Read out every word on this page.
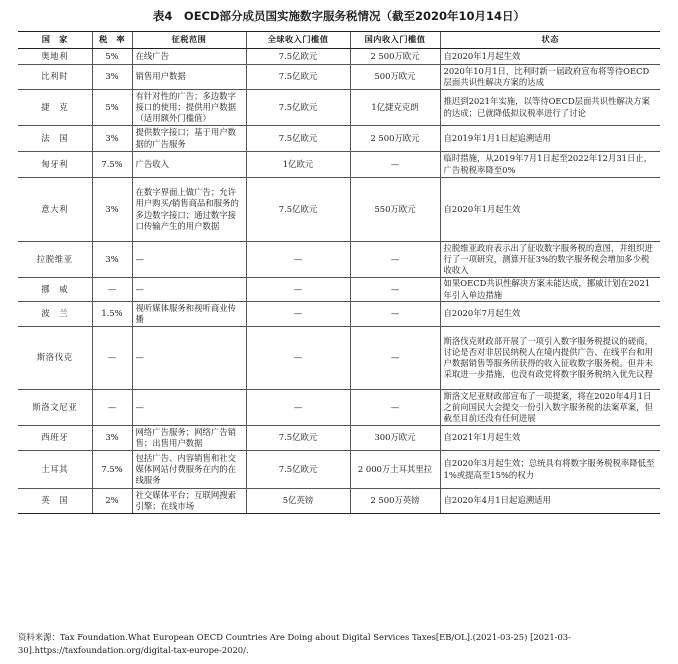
表4　OECD部分成员国实施数字服务税情况（截至2020年10月14日）
国　家	税　率	征税范围	全球收入门槛值	国内收入门槛值	状态
奥地利	5%	在线广告	7.5亿欧元	2 500万欧元	自2020年1月起生效
比利时	3%	销售用户数据	7.5亿欧元	500万欧元	2020年10月1日，比利时新一届政府宣布将等待OECD层面共识性解决方案的达成
捷　克	5%	有针对性的广告；多边数字接口的使用；提供用户数据（适用额外门槛值）	7.5亿欧元	1亿捷克克朗	推迟到2021年实施，以等待OECD层面共识性解决方案的达成；已就降低拟议税率进行了讨论
法　国	3%	提供数字接口；基于用户数据的广告服务	7.5亿欧元	2 500万欧元	自2019年1月1日起追溯适用
匈牙利	7.5%	广告收入	1亿欧元	—	临时措施，从2019年7月1日起至2022年12月31日止，广告税税率降至0%
意大利	3%	在数字界面上做广告；允许用户购买/销售商品和服务的多边数字接口；通过数字接口传输产生的用户数据	7.5亿欧元	550万欧元	自2020年1月起生效
拉脱维亚	3%	—	—	—	拉脱维亚政府表示出了征收数字服务税的意图，并组织进行了一项研究，测算开征3%的数字服务税会增加多少税收收入
挪　威	—	—	—	—	如果OECD共识性解决方案未能达成，挪威计划在2021年引入单边措施
波　兰	1.5%	视听媒体服务和视听商业传播	—	—	自2020年7月起生效
斯洛伐克	—	—	—	—	斯洛伐克财政部开展了一项引入数字服务税提议的磋商，讨论是否对非居民纳税人在境内提供广告、在线平台和用户数据销售等服务所获得的收入征收数字服务税。但并未采取进一步措施，也没有政党将数字服务税纳入优先议程
斯洛文尼亚	—	—	—	—	斯洛文尼亚财政部宣布了一项提案，将在2020年4月1日之前向国民大会提交一份引入数字服务税的法案草案，但截至目前还没有任何进展
西班牙	3%	网络广告服务；网络广告销售；出售用户数据	7.5亿欧元	300万欧元	自2021年1月起生效
土耳其	7.5%	包括广告、内容销售和社交媒体网站付费服务在内的在线服务	7.5亿欧元	2 000万土耳其里拉	自2020年3月起生效；总统具有将数字服务税税率降低至1%或提高至15%的权力
英　国	2%	社交媒体平台；互联网搜索引擎；在线市场	5亿英镑	2 500万英镑	自2020年4月1日起追溯适用
资料来源：Tax Foundation.What European OECD Countries Are Doing about Digital Services Taxes[EB/OL].(2021-03-25) [2021-03-30].https://taxfoundation.org/digital-tax-europe-2020/.
